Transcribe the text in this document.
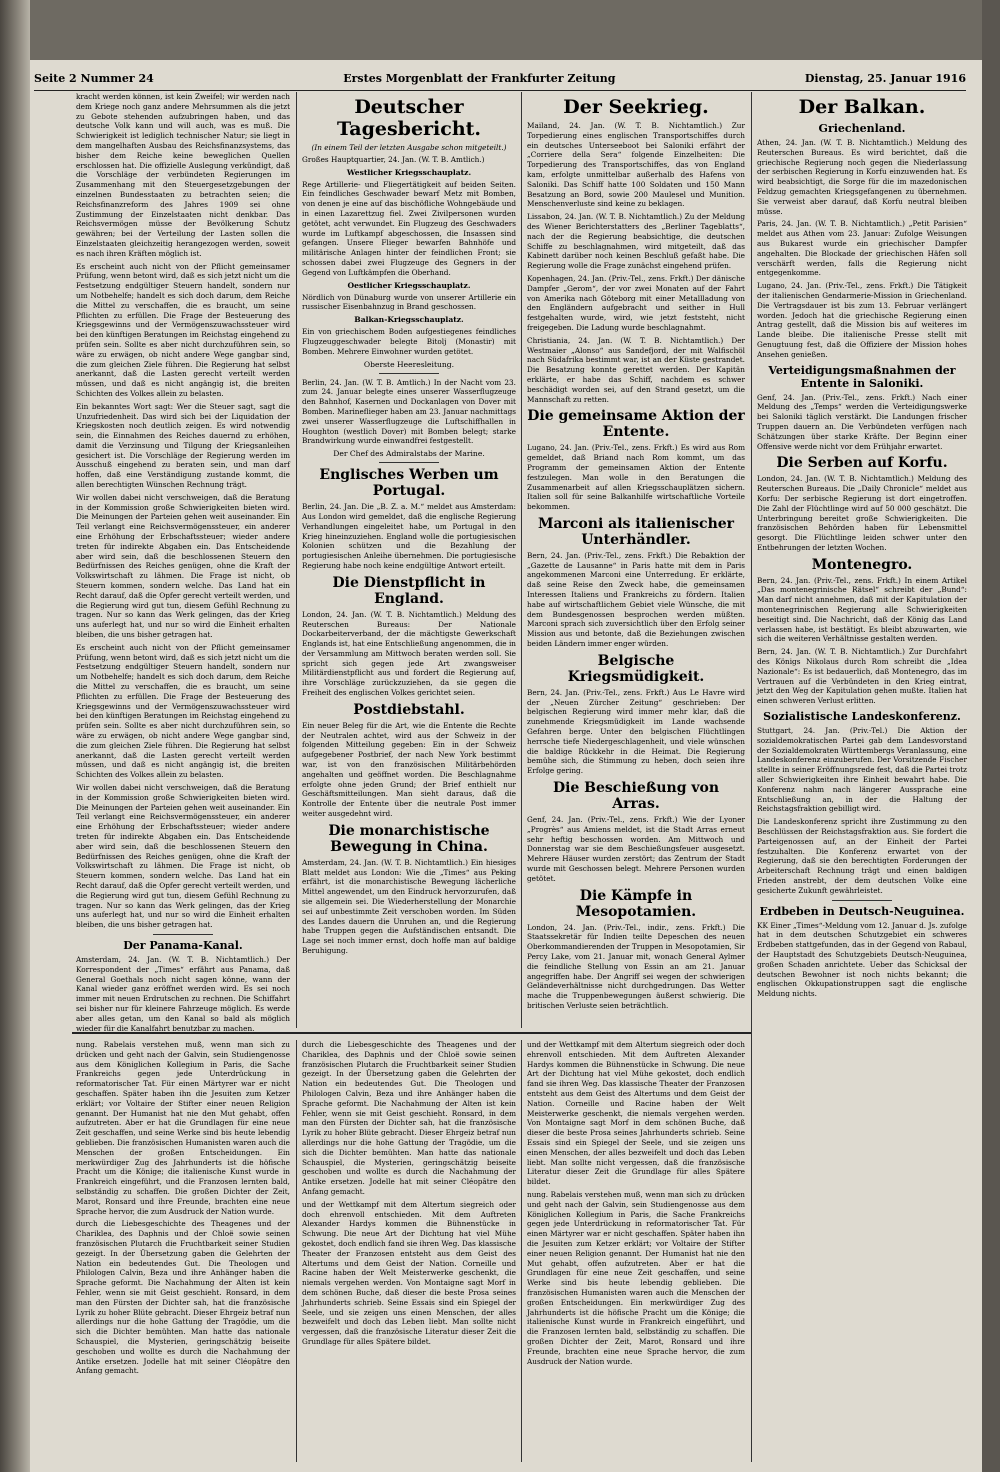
Seite 2 Nummer 24	Erstes Morgenblatt der Frankfurter Zeitung	Dienstag, 25. Januar 1916

kracht werden können, ist kein Zweifel; wir werden nach dem Kriege noch ganz andere Mehrsummen als die jetzt zu Gebote stehenden aufzubringen haben, und das deutsche Volk kann und will auch, was es muß. Die Schwierigkeit ist lediglich technischer Natur; sie liegt in dem mangelhaften Ausbau des Reichsfinanzsystems, das bisher dem Reiche keine beweglichen Quellen erschlossen hat. Die offizielle Auslegung verkündigt, daß die Vorschläge der verbündeten Regierungen im Zusammenhang mit den Steuergesetzgebungen der einzelnen Bundesstaaten zu betrachten seien; die Reichsfinanzreform des Jahres 1909 sei ohne Zustimmung der Einzelstaaten nicht denkbar. Das Reichsvermögen müsse der Bevölkerung Schutz gewähren; bei der Verteilung der Lasten sollen die Einzelstaaten gleichzeitig herangezogen werden, soweit es nach ihren Kräften möglich ist.

Es erscheint auch nicht von der Pflicht gemeinsamer Prüfung, wenn betont wird, daß es sich jetzt nicht um die Festsetzung endgültiger Steuern handelt, sondern nur um Notbehelfe; handelt es sich doch darum, dem Reiche die Mittel zu verschaffen, die es braucht, um seine Pflichten zu erfüllen. Die Frage der Besteuerung des Kriegsgewinns und der Vermögenszuwachssteuer wird bei den künftigen Beratungen im Reichstag eingehend zu prüfen sein. Sollte es aber nicht durchzuführen sein, so wäre zu erwägen, ob nicht andere Wege gangbar sind, die zum gleichen Ziele führen. Die Regierung hat selbst anerkannt, daß die Lasten gerecht verteilt werden müssen, und daß es nicht angängig ist, die breiten Schichten des Volkes allein zu belasten.

Ein bekanntes Wort sagt: Wer die Steuer sagt, sagt die Unzufriedenheit. Das wird sich bei der Liquidation der Kriegskosten noch deutlich zeigen. Es wird notwendig sein, die Einnahmen des Reiches dauernd zu erhöhen, damit die Verzinsung und Tilgung der Kriegsanleihen gesichert ist. Die Vorschläge der Regierung werden im Ausschuß eingehend zu beraten sein, und man darf hoffen, daß eine Verständigung zustande kommt, die allen berechtigten Wünschen Rechnung trägt.

Wir wollen dabei nicht verschweigen, daß die Beratung in der Kommission große Schwierigkeiten bieten wird. Die Meinungen der Parteien gehen weit auseinander. Ein Teil verlangt eine Reichsvermögenssteuer, ein anderer eine Erhöhung der Erbschaftssteuer; wieder andere treten für indirekte Abgaben ein. Das Entscheidende aber wird sein, daß die beschlossenen Steuern den Bedürfnissen des Reiches genügen, ohne die Kraft der Volkswirtschaft zu lähmen. Die Frage ist nicht, ob Steuern kommen, sondern welche. Das Land hat ein Recht darauf, daß die Opfer gerecht verteilt werden, und die Regierung wird gut tun, diesem Gefühl Rechnung zu tragen. Nur so kann das Werk gelingen, das der Krieg uns auferlegt hat, und nur so wird die Einheit erhalten bleiben, die uns bisher getragen hat.

Es erscheint auch nicht von der Pflicht gemeinsamer Prüfung, wenn betont wird, daß es sich jetzt nicht um die Festsetzung endgültiger Steuern handelt, sondern nur um Notbehelfe; handelt es sich doch darum, dem Reiche die Mittel zu verschaffen, die es braucht, um seine Pflichten zu erfüllen. Die Frage der Besteuerung des Kriegsgewinns und der Vermögenszuwachssteuer wird bei den künftigen Beratungen im Reichstag eingehend zu prüfen sein. Sollte es aber nicht durchzuführen sein, so wäre zu erwägen, ob nicht andere Wege gangbar sind, die zum gleichen Ziele führen. Die Regierung hat selbst anerkannt, daß die Lasten gerecht verteilt werden müssen, und daß es nicht angängig ist, die breiten Schichten des Volkes allein zu belasten.

Wir wollen dabei nicht verschweigen, daß die Beratung in der Kommission große Schwierigkeiten bieten wird. Die Meinungen der Parteien gehen weit auseinander. Ein Teil verlangt eine Reichsvermögenssteuer, ein anderer eine Erhöhung der Erbschaftssteuer; wieder andere treten für indirekte Abgaben ein. Das Entscheidende aber wird sein, daß die beschlossenen Steuern den Bedürfnissen des Reiches genügen, ohne die Kraft der Volkswirtschaft zu lähmen. Die Frage ist nicht, ob Steuern kommen, sondern welche. Das Land hat ein Recht darauf, daß die Opfer gerecht verteilt werden, und die Regierung wird gut tun, diesem Gefühl Rechnung zu tragen. Nur so kann das Werk gelingen, das der Krieg uns auferlegt hat, und nur so wird die Einheit erhalten bleiben, die uns bisher getragen hat.

Der Panama-Kanal.

Amsterdam, 24. Jan. (W. T. B. Nichtamtlich.) Der Korrespondent der „Times“ erfährt aus Panama, daß General Goethals noch nicht sagen könne, wann der Kanal wieder ganz eröffnet werden wird. Es sei noch immer mit neuen Erdrutschen zu rechnen. Die Schiffahrt sei bisher nur für kleinere Fahrzeuge möglich. Es werde aber alles getan, um den Kanal so bald als möglich wieder für die Kanalfahrt benutzbar zu machen.

Deutscher Tagesbericht.
(In einem Teil der letzten Ausgabe schon mitgeteilt.)

Großes Hauptquartier, 24. Jan. (W. T. B. Amtlich.)

Westlicher Kriegsschauplatz.

Rege Artillerie- und Fliegertätigkeit auf beiden Seiten. Ein feindliches Geschwader bewarf Metz mit Bomben, von denen je eine auf das bischöfliche Wohngebäude und in einen Lazarettzug fiel. Zwei Zivilpersonen wurden getötet, acht verwundet. Ein Flugzeug des Geschwaders wurde im Luftkampf abgeschossen, die Insassen sind gefangen. Unsere Flieger bewarfen Bahnhöfe und militärische Anlagen hinter der feindlichen Front; sie schossen dabei zwei Flugzeuge des Gegners in der Gegend von Luftkämpfen die Oberhand.

Oestlicher Kriegsschauplatz.

Nördlich von Dünaburg wurde von unserer Artillerie ein russischer Eisenbahnzug in Brand geschossen.

Balkan-Kriegsschauplatz.

Ein von griechischem Boden aufgestiegenes feindliches Flugzeuggeschwader belegte Bitolj (Monastir) mit Bomben. Mehrere Einwohner wurden getötet.

Oberste Heeresleitung.

Berlin, 24. Jan. (W. T. B. Amtlich.) In der Nacht vom 23. zum 24. Januar belegte eines unserer Wasserflugzeuge den Bahnhof, Kasernen und Dockanlagen von Dover mit Bomben. Marineflieger haben am 23. Januar nachmittags zwei unserer Wasserflugzeuge die Luftschiffhallen in Houghton (westlich Dover) mit Bomben belegt; starke Brandwirkung wurde einwandfrei festgestellt.

Der Chef des Admiralstabs der Marine.
Englisches Werben um Portugal.

Berlin, 24. Jan. Die „B. Z. a. M.“ meldet aus Amsterdam: Aus London wird gemeldet, daß die englische Regierung Verhandlungen eingeleitet habe, um Portugal in den Krieg hineinzuziehen. England wolle die portugiesischen Kolonien schützen und die Bezahlung der portugiesischen Anleihe übernehmen. Die portugiesische Regierung habe noch keine endgültige Antwort erteilt.

Die Dienstpflicht in England.

London, 24. Jan. (W. T. B. Nichtamtlich.) Meldung des Reuterschen Bureaus: Der Nationale Dockarbeiterverband, der die mächtigste Gewerkschaft Englands ist, hat eine Entschließung angenommen, die in der Versammlung am Mittwoch beraten werden soll. Sie spricht sich gegen jede Art zwangsweiser Militärdienstpflicht aus und fordert die Regierung auf, ihre Vorschläge zurückzuziehen, da sie gegen die Freiheit des englischen Volkes gerichtet seien.

Postdiebstahl.

Ein neuer Beleg für die Art, wie die Entente die Rechte der Neutralen achtet, wird aus der Schweiz in der folgenden Mitteilung gegeben: Ein in der Schweiz aufgegebener Postbrief, der nach New York bestimmt war, ist von den französischen Militärbehörden angehalten und geöffnet worden. Die Beschlagnahme erfolgte ohne jeden Grund; der Brief enthielt nur Geschäftsmitteilungen. Man sieht daraus, daß die Kontrolle der Entente über die neutrale Post immer weiter ausgedehnt wird.

Die monarchistische Bewegung in China.

Amsterdam, 24. Jan. (W. T. B. Nichtamtlich.) Ein hiesiges Blatt meldet aus London: Wie die „Times“ aus Peking erfährt, ist die monarchistische Bewegung lächerliche Mittel angewendet, um den Eindruck hervorzurufen, daß sie allgemein sei. Die Wiederherstellung der Monarchie sei auf unbestimmte Zeit verschoben worden. Im Süden des Landes dauern die Unruhen an, und die Regierung habe Truppen gegen die Aufständischen entsandt. Die Lage sei noch immer ernst, doch hoffe man auf baldige Beruhigung.

Der Seekrieg.

Mailand, 24. Jan. (W. T. B. Nichtamtlich.) Zur Torpedierung eines englischen Transportschiffes durch ein deutsches Unterseeboot bei Saloniki erfährt der „Corriere della Sera“ folgende Einzelheiten: Die Torpedierung des Transportschiffes, das von England kam, erfolgte unmittelbar außerhalb des Hafens von Saloniki. Das Schiff hatte 100 Soldaten und 150 Mann Besatzung an Bord, sowie 200 Maulesel und Munition. Menschenverluste sind keine zu beklagen.

Lissabon, 24. Jan. (W. T. B. Nichtamtlich.) Zu der Meldung des Wiener Berichterstatters des „Berliner Tageblatts“, nach der die Regierung beabsichtige, die deutschen Schiffe zu beschlagnahmen, wird mitgeteilt, daß das Kabinett darüber noch keinen Beschluß gefaßt habe. Die Regierung wolle die Frage zunächst eingehend prüfen.

Kopenhagen, 24. Jan. (Priv.-Tel., zens. Frkft.) Der dänische Dampfer „Gerom“, der vor zwei Monaten auf der Fahrt von Amerika nach Göteborg mit einer Metallladung von den Engländern aufgebracht und seither in Hull festgehalten wurde, wird, wie jetzt feststeht, nicht freigegeben. Die Ladung wurde beschlagnahmt.

Christiania, 24. Jan. (W. T. B. Nichtamtlich.) Der Westmaier „Alonso“ aus Sandefjord, der mit Walfischöl nach Südafrika bestimmt war, ist an der Küste gestrandet. Die Besatzung konnte gerettet werden. Der Kapitän erklärte, er habe das Schiff, nachdem es schwer beschädigt worden sei, auf den Strand gesetzt, um die Mannschaft zu retten.

Die gemeinsame Aktion der Entente.

Lugano, 24. Jan. (Priv.-Tel., zens. Frkft.) Es wird aus Rom gemeldet, daß Briand nach Rom kommt, um das Programm der gemeinsamen Aktion der Entente festzulegen. Man wolle in den Beratungen die Zusammenarbeit auf allen Kriegsschauplätzen sichern. Italien soll für seine Balkanhilfe wirtschaftliche Vorteile bekommen.

Marconi als italienischer Unterhändler.

Bern, 24. Jan. (Priv.-Tel., zens. Frkft.) Die Rebaktion der „Gazette de Lausanne“ in Paris hatte mit dem in Paris angekommenen Marconi eine Unterredung. Er erklärte, daß seine Reise den Zweck habe, die gemeinsamen Interessen Italiens und Frankreichs zu fördern. Italien habe auf wirtschaftlichem Gebiet viele Wünsche, die mit dem Bundesgenossen besprochen werden müßten. Marconi sprach sich zuversichtlich über den Erfolg seiner Mission aus und betonte, daß die Beziehungen zwischen beiden Ländern immer enger würden.

Belgische Kriegsmüdigkeit.

Bern, 24. Jan. (Priv.-Tel., zens. Frkft.) Aus Le Havre wird der „Neuen Zürcher Zeitung“ geschrieben: Der belgischen Regierung wird immer mehr klar, daß die zunehmende Kriegsmüdigkeit im Lande wachsende Gefahren berge. Unter den belgischen Flüchtlingen herrsche tiefe Niedergeschlagenheit, und viele wünschen die baldige Rückkehr in die Heimat. Die Regierung bemühe sich, die Stimmung zu heben, doch seien ihre Erfolge gering.

Die Beschießung von Arras.

Genf, 24. Jan. (Priv.-Tel., zens. Frkft.) Wie der Lyoner „Progrès“ aus Amiens meldet, ist die Stadt Arras erneut sehr heftig beschossen worden. Am Mittwoch und Donnerstag war sie dem Beschießungsfeuer ausgesetzt. Mehrere Häuser wurden zerstört; das Zentrum der Stadt wurde mit Geschossen belegt. Mehrere Personen wurden getötet.

Die Kämpfe in Mesopotamien.

London, 24. Jan. (Priv.-Tel., indir., zens. Frkft.) Die Staatssekretär für Indien teilte Depeschen des neuen Oberkommandierenden der Truppen in Mesopotamien, Sir Percy Lake, vom 21. Januar mit, wonach General Aylmer die feindliche Stellung von Essin an am 21. Januar angegriffen habe. Der Angriff sei wegen der schwierigen Geländeverhältnisse nicht durchgedrungen. Das Wetter mache die Truppenbewegungen äußerst schwierig. Die britischen Verluste seien beträchtlich.

Der Balkan.
Griechenland.

Athen, 24. Jan. (W. T. B. Nichtamtlich.) Meldung des Reuterschen Bureaus. Es wird berichtet, daß die griechische Regierung noch gegen die Niederlassung der serbischen Regierung in Korfu einzuwenden hat. Es wird beabsichtigt, die Sorge für die im mazedonischen Feldzug gemachten Kriegsgefangenen zu übernehmen. Sie verweist aber darauf, daß Korfu neutral bleiben müsse.

Paris, 24. Jan. (W. T. B. Nichtamtlich.) „Petit Parisien“ meldet aus Athen vom 23. Januar: Zufolge Weisungen aus Bukarest wurde ein griechischer Dampfer angehalten. Die Blockade der griechischen Häfen soll verschärft werden, falls die Regierung nicht entgegenkomme.

Lugano, 24. Jan. (Priv.-Tel., zens. Frkft.) Die Tätigkeit der italienischen Gendarmerie-Mission in Griechenland. Die Vertragsdauer ist bis zum 13. Februar verlängert worden. Jedoch hat die griechische Regierung einen Antrag gestellt, daß die Mission bis auf weiteres im Lande bleibe. Die italienische Presse stellt mit Genugtuung fest, daß die Offiziere der Mission hohes Ansehen genießen.

Verteidigungsmaßnahmen der Entente in Saloniki.

Genf, 24. Jan. (Priv.-Tel., zens. Frkft.) Nach einer Meldung des „Temps“ werden die Verteidigungswerke bei Saloniki täglich verstärkt. Die Landungen frischer Truppen dauern an. Die Verbündeten verfügen nach Schätzungen über starke Kräfte. Der Beginn einer Offensive werde nicht vor dem Frühjahr erwartet.

Die Serben auf Korfu.

London, 24. Jan. (W. T. B. Nichtamtlich.) Meldung des Reuterschen Bureaus. Die „Daily Chronicle“ meldet aus Korfu: Der serbische Regierung ist dort eingetroffen. Die Zahl der Flüchtlinge wird auf 50 000 geschätzt. Die Unterbringung bereitet große Schwierigkeiten. Die französischen Behörden haben für Lebensmittel gesorgt. Die Flüchtlinge leiden schwer unter den Entbehrungen der letzten Wochen.

Montenegro.

Bern, 24. Jan. (Priv.-Tel., zens. Frkft.) In einem Artikel „Das montenegrinische Rätsel“ schreibt der „Bund“: Man darf nicht annehmen, daß mit der Kapitulation der montenegrinischen Regierung alle Schwierigkeiten beseitigt sind. Die Nachricht, daß der König das Land verlassen habe, ist bestätigt. Es bleibt abzuwarten, wie sich die weiteren Verhältnisse gestalten werden.

Bern, 24. Jan. (W. T. B. Nichtamtlich.) Zur Durchfahrt des Königs Nikolaus durch Rom schreibt die „Idea Nazionale“: Es ist bedauerlich, daß Montenegro, das im Vertrauen auf die Verbündeten in den Krieg eintrat, jetzt den Weg der Kapitulation gehen mußte. Italien hat einen schweren Verlust erlitten.

Sozialistische Landeskonferenz.

Stuttgart, 24. Jan. (Priv.-Tel.) Die Aktion der sozialdemokratischen Partei gab dem Landesvorstand der Sozialdemokraten Württembergs Veranlassung, eine Landeskonferenz einzuberufen. Der Vorsitzende Fischer stellte in seiner Eröffnungsrede fest, daß die Partei trotz aller Schwierigkeiten ihre Einheit bewahrt habe. Die Konferenz nahm nach längerer Aussprache eine Entschließung an, in der die Haltung der Reichstagsfraktion gebilligt wird.

Die Landeskonferenz spricht ihre Zustimmung zu den Beschlüssen der Reichstagsfraktion aus. Sie fordert die Parteigenossen auf, an der Einheit der Partei festzuhalten. Die Konferenz erwartet von der Regierung, daß sie den berechtigten Forderungen der Arbeiterschaft Rechnung trägt und einen baldigen Frieden anstrebt, der dem deutschen Volke eine gesicherte Zukunft gewährleistet.

Erdbeben in Deutsch-Neuguinea.

KK Einer „Times“-Meldung vom 12. Januar d. Js. zufolge hat in dem deutschen Schutzgebiet ein schweres Erdbeben stattgefunden, das in der Gegend von Rabaul, der Hauptstadt des Schutzgebiets Deutsch-Neuguinea, großen Schaden anrichtete. Ueber das Schicksal der deutschen Bewohner ist noch nichts bekannt; die englischen Okkupationstruppen sagt die englische Meldung nichts.

nung. Rabelais verstehen muß, wenn man sich zu drücken und geht nach der Galvin, sein Studiengenosse aus dem Königlichen Kollegium in Paris, die Sache Frankreichs gegen jede Unterdrückung in reformatorischer Tat. Für einen Märtyrer war er nicht geschaffen. Später haben ihn die Jesuiten zum Ketzer erklärt; vor Voltaire der Stifter einer neuen Religion genannt. Der Humanist hat nie den Mut gehabt, offen aufzutreten. Aber er hat die Grundlagen für eine neue Zeit geschaffen, und seine Werke sind bis heute lebendig geblieben. Die französischen Humanisten waren auch die Menschen der großen Entscheidungen. Ein merkwürdiger Zug des Jahrhunderts ist die höfische Pracht um die Könige; die italienische Kunst wurde in Frankreich eingeführt, und die Franzosen lernten bald, selbständig zu schaffen. Die großen Dichter der Zeit, Marot, Ronsard und ihre Freunde, brachten eine neue Sprache hervor, die zum Ausdruck der Nation wurde.

durch die Liebesgeschichte des Theagenes und der Chariklea, des Daphnis und der Chloë sowie seinen französischen Plutarch die Fruchtbarkeit seiner Studien gezeigt. In der Übersetzung gaben die Gelehrten der Nation ein bedeutendes Gut. Die Theologen und Philologen Calvin, Beza und ihre Anhänger haben die Sprache geformt. Die Nachahmung der Alten ist kein Fehler, wenn sie mit Geist geschieht. Ronsard, in dem man den Fürsten der Dichter sah, hat die französische Lyrik zu hoher Blüte gebracht. Dieser Ehrgeiz betraf nun allerdings nur die hohe Gattung der Tragödie, um die sich die Dichter bemühten. Man hatte das nationale Schauspiel, die Mysterien, geringschätzig beiseite geschoben und wollte es durch die Nachahmung der Antike ersetzen. Jodelle hat mit seiner Cléopâtre den Anfang gemacht.

durch die Liebesgeschichte des Theagenes und der Chariklea, des Daphnis und der Chloë sowie seinen französischen Plutarch die Fruchtbarkeit seiner Studien gezeigt. In der Übersetzung gaben die Gelehrten der Nation ein bedeutendes Gut. Die Theologen und Philologen Calvin, Beza und ihre Anhänger haben die Sprache geformt. Die Nachahmung der Alten ist kein Fehler, wenn sie mit Geist geschieht. Ronsard, in dem man den Fürsten der Dichter sah, hat die französische Lyrik zu hoher Blüte gebracht. Dieser Ehrgeiz betraf nun allerdings nur die hohe Gattung der Tragödie, um die sich die Dichter bemühten. Man hatte das nationale Schauspiel, die Mysterien, geringschätzig beiseite geschoben und wollte es durch die Nachahmung der Antike ersetzen. Jodelle hat mit seiner Cléopâtre den Anfang gemacht.

und der Wettkampf mit dem Altertum siegreich oder doch ehrenvoll entschieden. Mit dem Auftreten Alexander Hardys kommen die Bühnenstücke in Schwung. Die neue Art der Dichtung hat viel Mühe gekostet, doch endlich fand sie ihren Weg. Das klassische Theater der Franzosen entsteht aus dem Geist des Altertums und dem Geist der Nation. Corneille und Racine haben der Welt Meisterwerke geschenkt, die niemals vergehen werden. Von Montaigne sagt Morf in dem schönen Buche, daß dieser die beste Prosa seines Jahrhunderts schrieb. Seine Essais sind ein Spiegel der Seele, und sie zeigen uns einen Menschen, der alles bezweifelt und doch das Leben liebt. Man sollte nicht vergessen, daß die französische Literatur dieser Zeit die Grundlage für alles Spätere bildet.

und der Wettkampf mit dem Altertum siegreich oder doch ehrenvoll entschieden. Mit dem Auftreten Alexander Hardys kommen die Bühnenstücke in Schwung. Die neue Art der Dichtung hat viel Mühe gekostet, doch endlich fand sie ihren Weg. Das klassische Theater der Franzosen entsteht aus dem Geist des Altertums und dem Geist der Nation. Corneille und Racine haben der Welt Meisterwerke geschenkt, die niemals vergehen werden. Von Montaigne sagt Morf in dem schönen Buche, daß dieser die beste Prosa seines Jahrhunderts schrieb. Seine Essais sind ein Spiegel der Seele, und sie zeigen uns einen Menschen, der alles bezweifelt und doch das Leben liebt. Man sollte nicht vergessen, daß die französische Literatur dieser Zeit die Grundlage für alles Spätere bildet.

nung. Rabelais verstehen muß, wenn man sich zu drücken und geht nach der Galvin, sein Studiengenosse aus dem Königlichen Kollegium in Paris, die Sache Frankreichs gegen jede Unterdrückung in reformatorischer Tat. Für einen Märtyrer war er nicht geschaffen. Später haben ihn die Jesuiten zum Ketzer erklärt; vor Voltaire der Stifter einer neuen Religion genannt. Der Humanist hat nie den Mut gehabt, offen aufzutreten. Aber er hat die Grundlagen für eine neue Zeit geschaffen, und seine Werke sind bis heute lebendig geblieben. Die französischen Humanisten waren auch die Menschen der großen Entscheidungen. Ein merkwürdiger Zug des Jahrhunderts ist die höfische Pracht um die Könige; die italienische Kunst wurde in Frankreich eingeführt, und die Franzosen lernten bald, selbständig zu schaffen. Die großen Dichter der Zeit, Marot, Ronsard und ihre Freunde, brachten eine neue Sprache hervor, die zum Ausdruck der Nation wurde.
